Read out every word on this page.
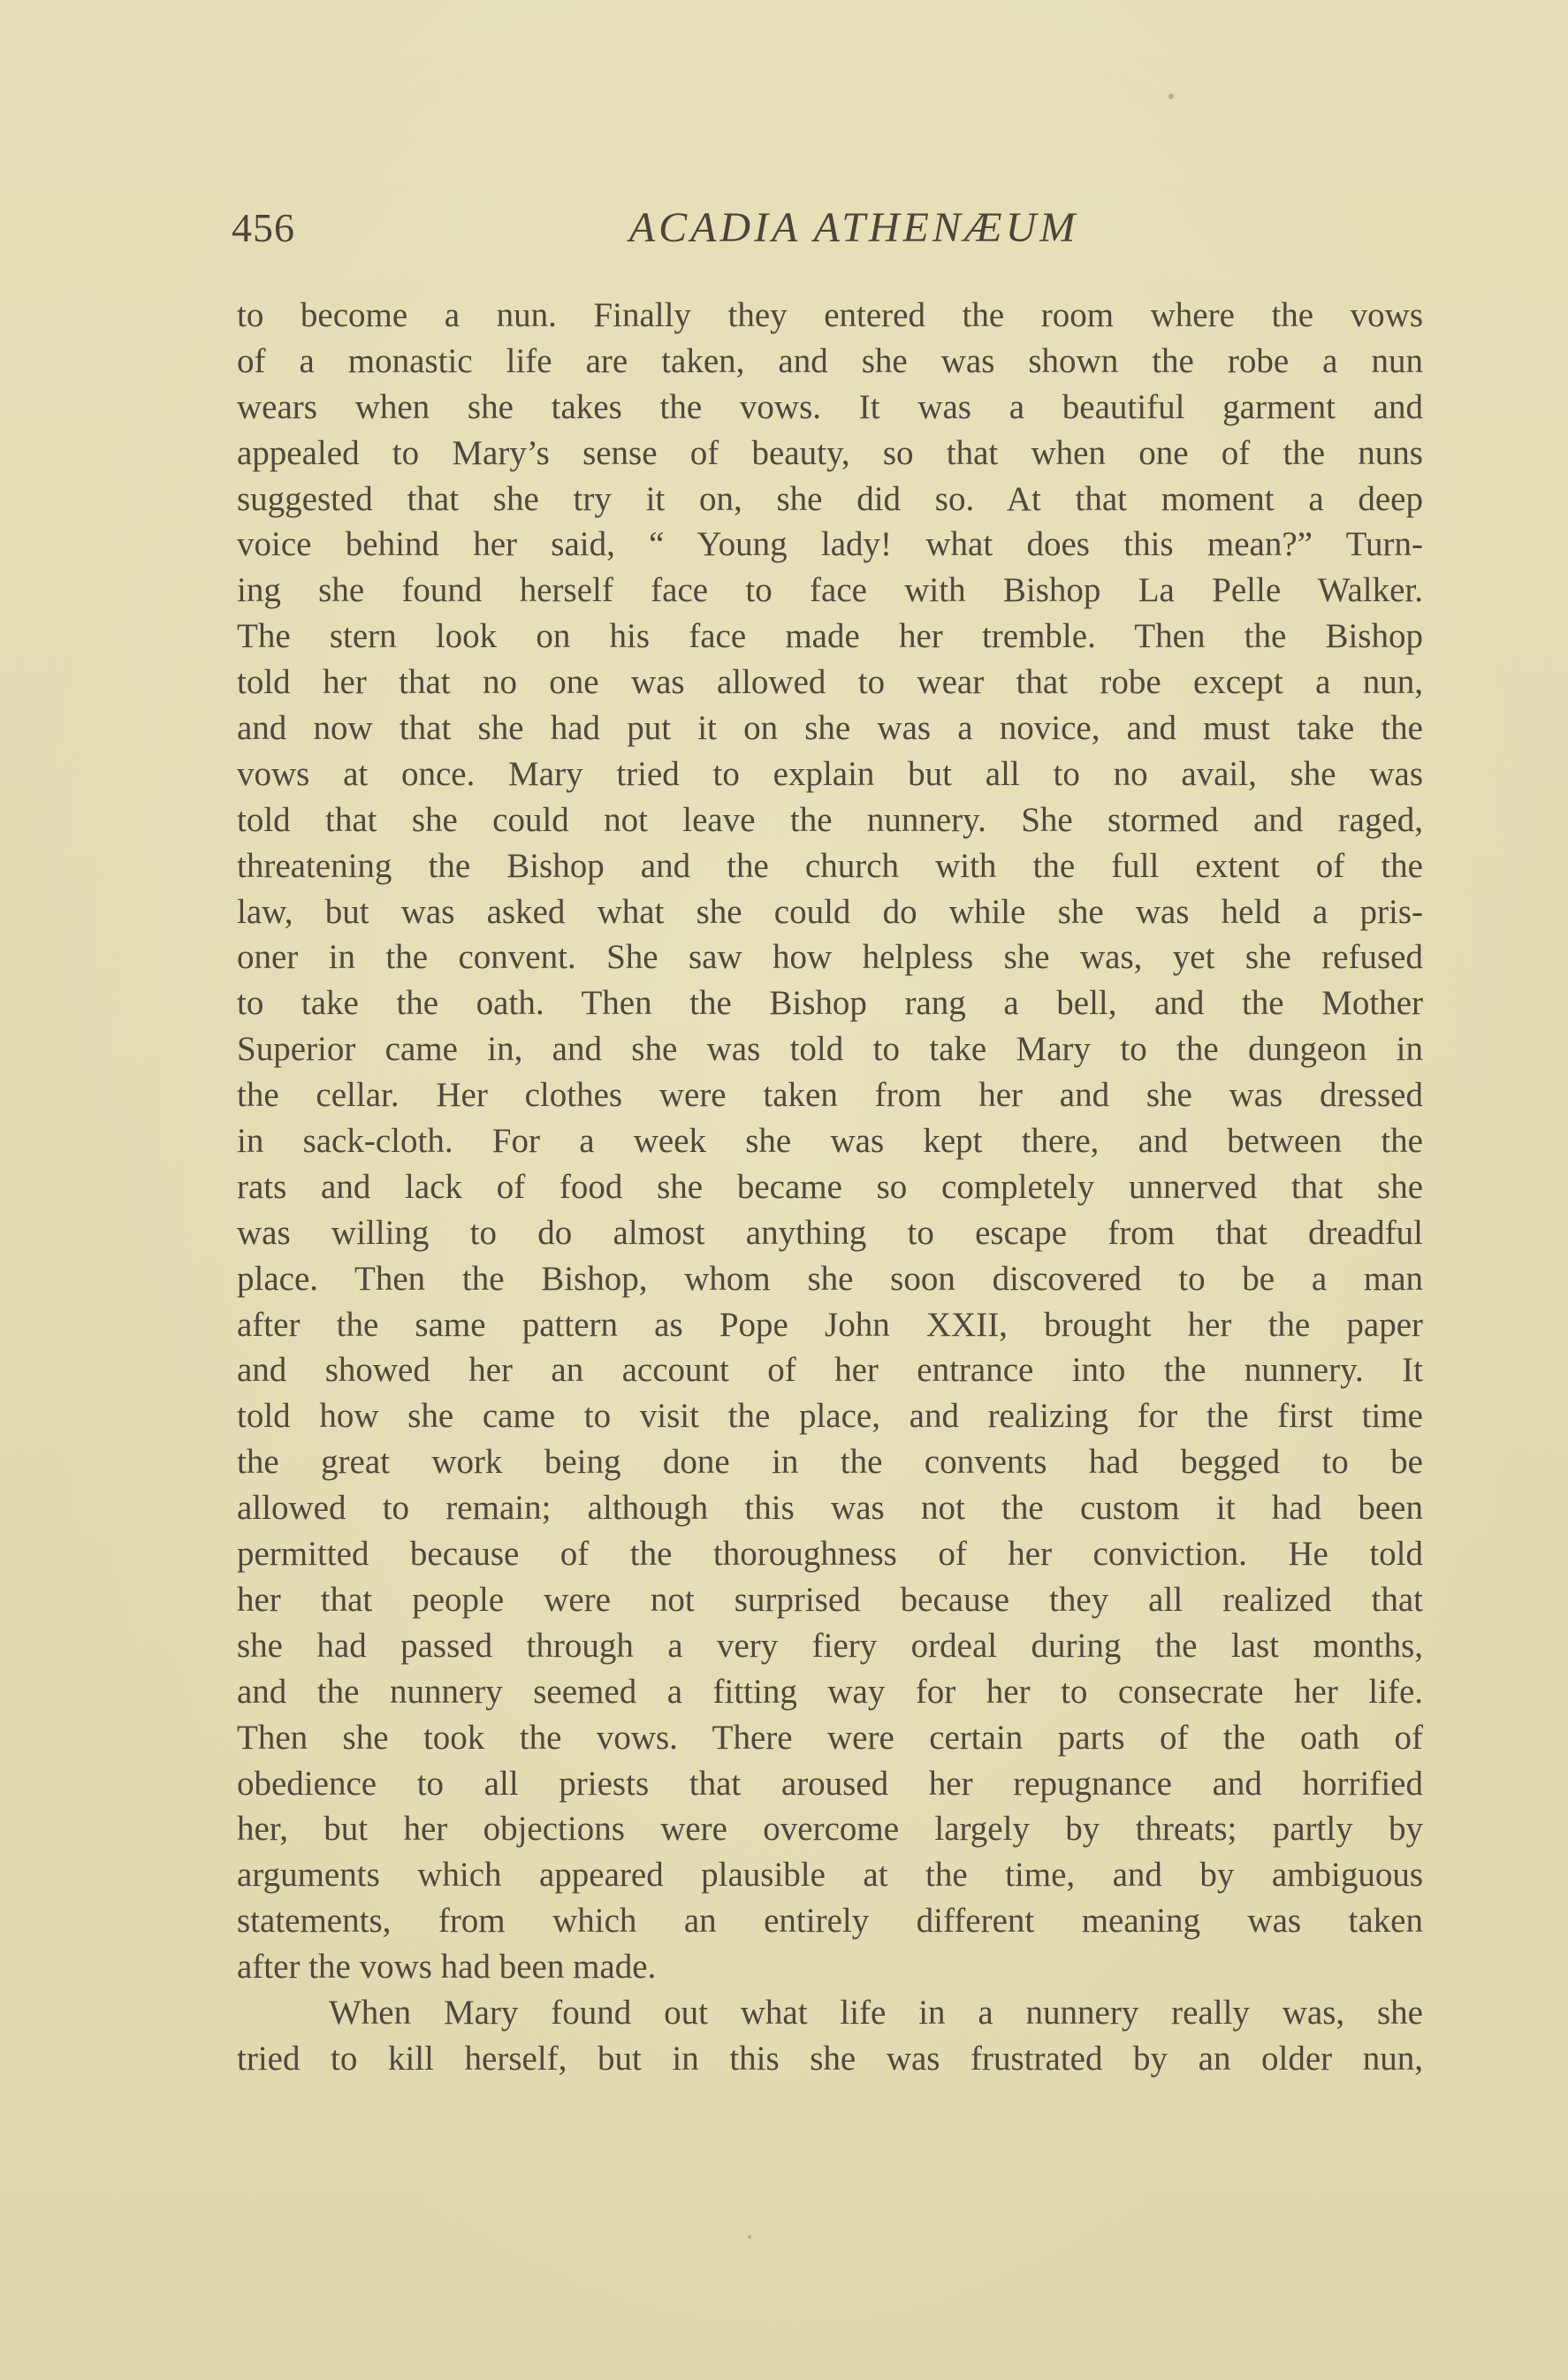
456	ACADIA ATHENÆUM
to become a nun. Finally they entered the room where the vows
of a monastic life are taken, and she was shown the robe a nun
wears when she takes the vows. It was a beautiful garment and
appealed to Mary’s sense of beauty, so that when one of the nuns
suggested that she try it on, she did so. At that moment a deep
voice behind her said, “ Young lady! what does this mean?” Turn-
ing she found herself face to face with Bishop La Pelle Walker.
The stern look on his face made her tremble. Then the Bishop
told her that no one was allowed to wear that robe except a nun,
and now that she had put it on she was a novice, and must take the
vows at once. Mary tried to explain but all to no avail, she was
told that she could not leave the nunnery. She stormed and raged,
threatening the Bishop and the church with the full extent of the
law, but was asked what she could do while she was held a pris-
oner in the convent. She saw how helpless she was, yet she refused
to take the oath. Then the Bishop rang a bell, and the Mother
Superior came in, and she was told to take Mary to the dungeon in
the cellar. Her clothes were taken from her and she was dressed
in sack-cloth. For a week she was kept there, and between the
rats and lack of food she became so completely unnerved that she
was willing to do almost anything to escape from that dreadful
place. Then the Bishop, whom she soon discovered to be a man
after the same pattern as Pope John XXII, brought her the paper
and showed her an account of her entrance into the nunnery. It
told how she came to visit the place, and realizing for the first time
the great work being done in the convents had begged to be
allowed to remain; although this was not the custom it had been
permitted because of the thoroughness of her conviction. He told
her that people were not surprised because they all realized that
she had passed through a very fiery ordeal during the last months,
and the nunnery seemed a fitting way for her to consecrate her life.
Then she took the vows. There were certain parts of the oath of
obedience to all priests that aroused her repugnance and horrified
her, but her objections were overcome largely by threats; partly by
arguments which appeared plausible at the time, and by ambiguous
statements, from which an entirely different meaning was taken
after the vows had been made.
When Mary found out what life in a nunnery really was, she
tried to kill herself, but in this she was frustrated by an older nun,
